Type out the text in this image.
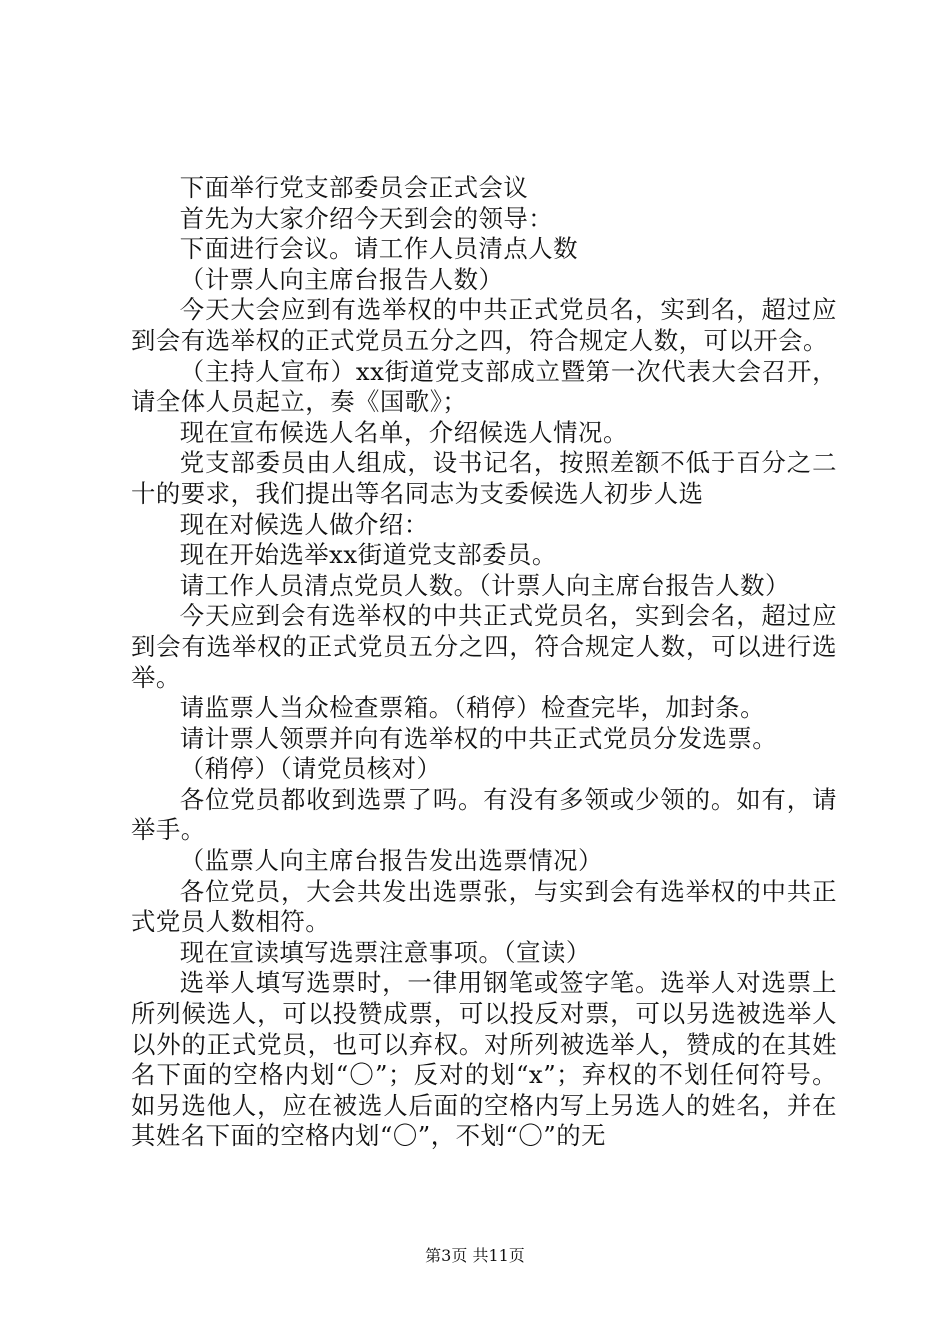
下面举行党支部委员会正式会议

首先为大家介绍今天到会的领导：

下面进行会议。请工作人员清点人数

（计票人向主席台报告人数）

今天大会应到有选举权的中共正式党员名，实到名，超过应到会有选举权的正式党员五分之四，符合规定人数，可以开会。

（主持人宣布）xx街道党支部成立暨第一次代表大会召开，请全体人员起立，奏《国歌》；

现在宣布候选人名单，介绍候选人情况。

党支部委员由人组成，设书记名，按照差额不低于百分之二十的要求，我们提出等名同志为支委候选人初步人选

现在对候选人做介绍：

现在开始选举xx街道党支部委员。

请工作人员清点党员人数。（计票人向主席台报告人数）

今天应到会有选举权的中共正式党员名，实到会名，超过应到会有选举权的正式党员五分之四，符合规定人数，可以进行选举。

请监票人当众检查票箱。（稍停）检查完毕，加封条。

请计票人领票并向有选举权的中共正式党员分发选票。

（稍停）（请党员核对）

各位党员都收到选票了吗。有没有多领或少领的。如有，请举手。

（监票人向主席台报告发出选票情况）

各位党员，大会共发出选票张，与实到会有选举权的中共正式党员人数相符。

现在宣读填写选票注意事项。（宣读）

选举人填写选票时，一律用钢笔或签字笔。选举人对选票上所列候选人，可以投赞成票，可以投反对票，可以另选被选举人以外的正式党员，也可以弃权。对所列被选举人，赞成的在其姓名下面的空格内划“〇”；反对的划“x”；弃权的不划任何符号。如另选他人，应在被选人后面的空格内写上另选人的姓名，并在其姓名下面的空格内划“〇”，不划“〇”的无

第3页 共11页
